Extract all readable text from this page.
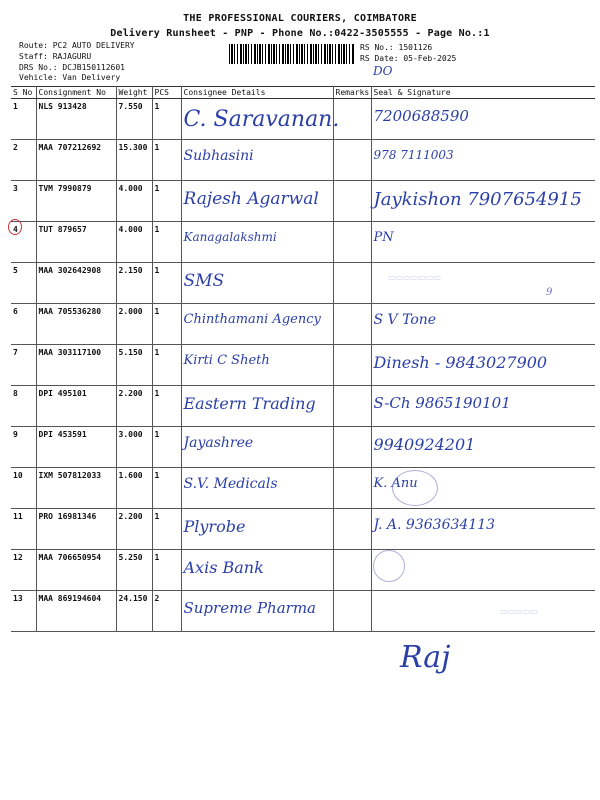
THE PROFESSIONAL COURIERS, COIMBATORE
Delivery Runsheet - PNP - Phone No.:0422-3505555 - Page No.:1
Route: PC2 AUTO DELIVERY
Staff: RAJAGURU
DRS No.: DCJB150112601
Vehicle: Van Delivery
RS No.: 1501126
RS Date: 05-Feb-2025
DO
S No	Consignment No	Weight	PCS	Consignee Details	Remarks	Seal & Signature
1	NLS 913428	7.550	1	C. Saravanan.		7200688590
2	MAA 707212692	15.300	1	Subhasini		978 7111003
3	TVM 7990879	4.000	1	Rajesh Agarwal		Jaykishon 7907654915
4	TUT 879657	4.000	1	Kanagalakshmi		PN
5	MAA 302642908	2.150	1	SMS		
6	MAA 705536280	2.000	1	Chinthamani Agency		S V Tone
7	MAA 303117100	5.150	1	Kirti C Sheth		Dinesh - 9843027900
8	DPI 495101	2.200	1	Eastern Trading		S-Ch 9865190101
9	DPI 453591	3.000	1	Jayashree		9940924201
10	IXM 507812033	1.600	1	S.V. Medicals		K. Anu
11	PRO 16981346	2.200	1	Plyrobe		J. A. 9363634113
12	MAA 706650954	5.250	1	Axis Bank		
13	MAA 869194604	24.150	2	Supreme Pharma		
▭▭▭▭▭▭▭
▭▭▭▭▭
Raj
9
